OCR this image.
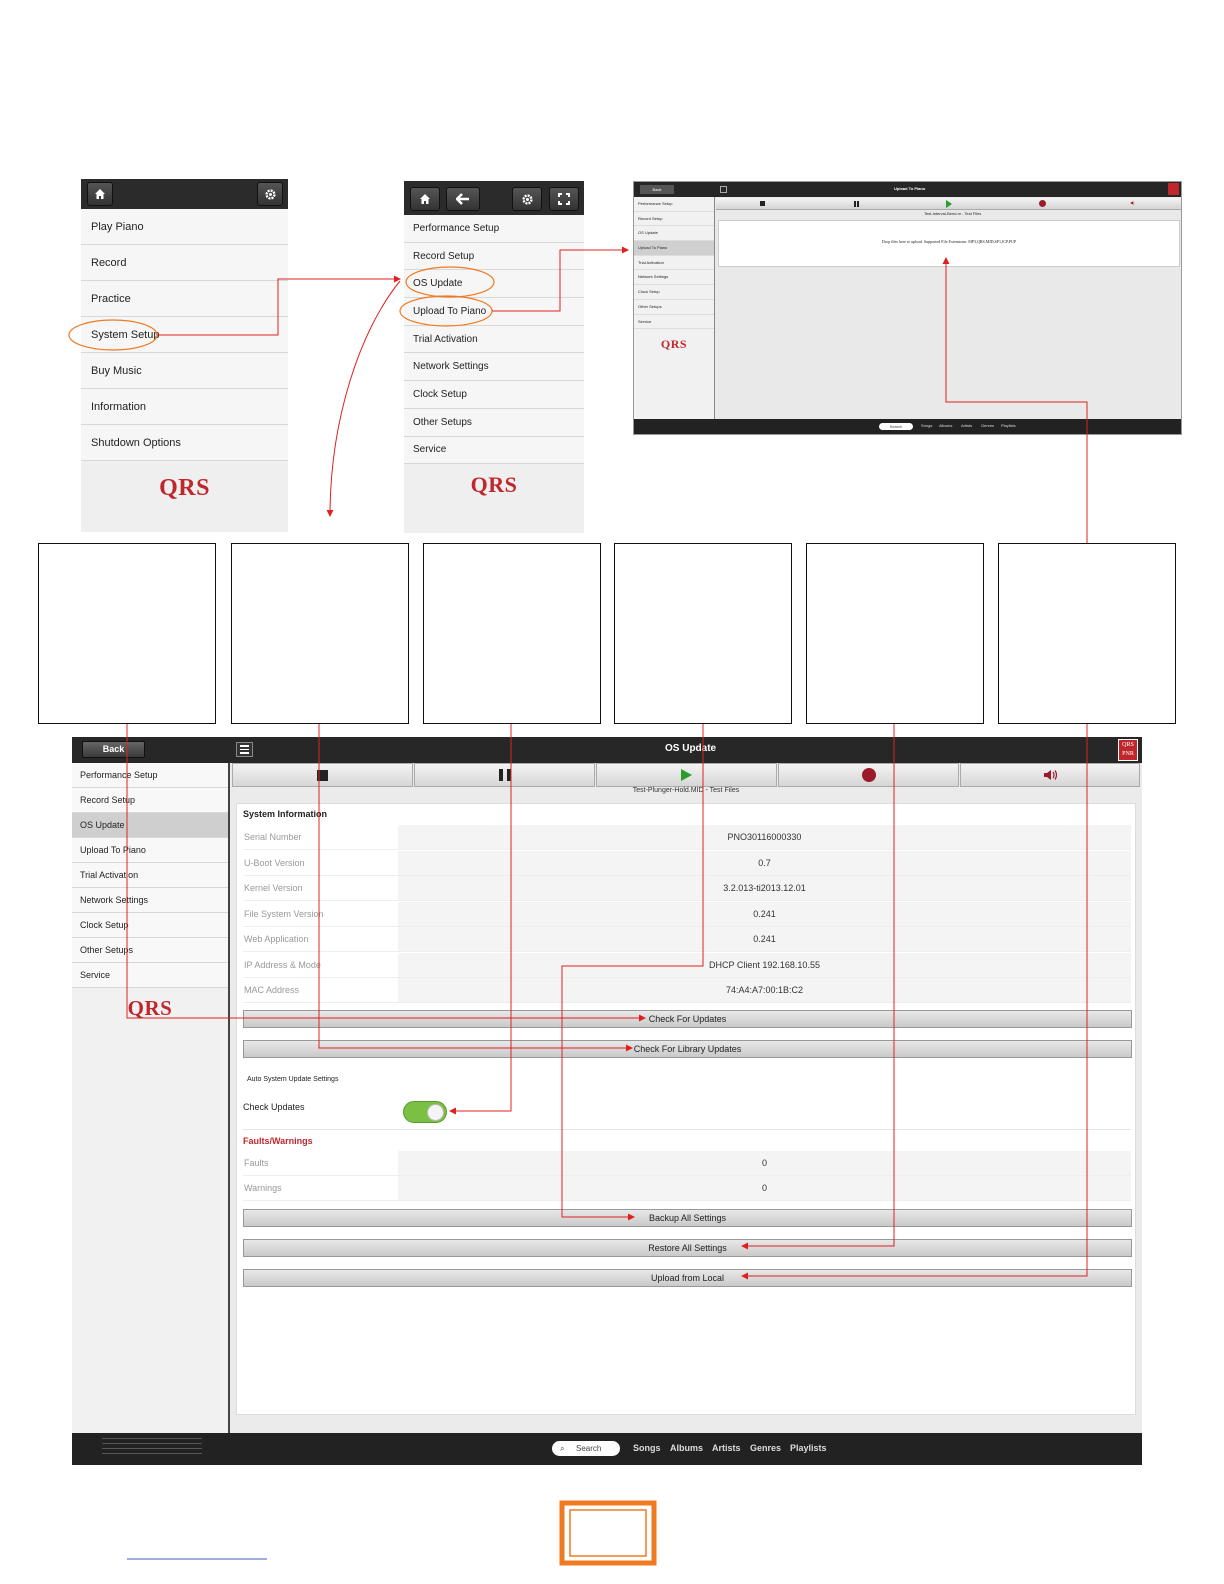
Play Piano
Record
Practice
System Setup
Buy Music
Information
Shutdown Options
QRS
Performance Setup
Record Setup
OS Update
Upload To Piano
Trial Activation
Network Settings
Clock Setup
Other Setups
Service
QRS
Back	Upload To Piano
Performance Setup
Record Setup
OS Update
Upload To Piano
Trial Activation
Network Settings
Clock Setup
Other Setups
Service
QRS
◀)
Test-Interval-Bend.m - Test Files
Drop files here to upload. Supported File Extensions: MP3,QRS,MID,SP1,ICP,PUP
Search	Songs Albums Artists Genres Playlists
Back	OS Update	QRS
PNR
Performance Setup
Record Setup
OS Update
Upload To Piano
Trial Activation
Network Settings
Clock Setup
Other Setups
Service
QRS
Test-Plunger-Hold.MID - Test Files
System Information
Serial Number	PNO30116000330
U-Boot Version	0.7
Kernel Version	3.2.013-ti2013.12.01
File System Version	0.241
Web Application	0.241
IP Address & Mode	DHCP Client 192.168.10.55
MAC Address	74:A4:A7:00:1B:C2
Check For Updates
Check For Library Updates
Auto System Update Settings
Check Updates
Faults/Warnings
Faults	0
Warnings	0
Backup All Settings
Restore All Settings
Upload from Local
⌕ Search	Songs Albums Artists Genres Playlists
